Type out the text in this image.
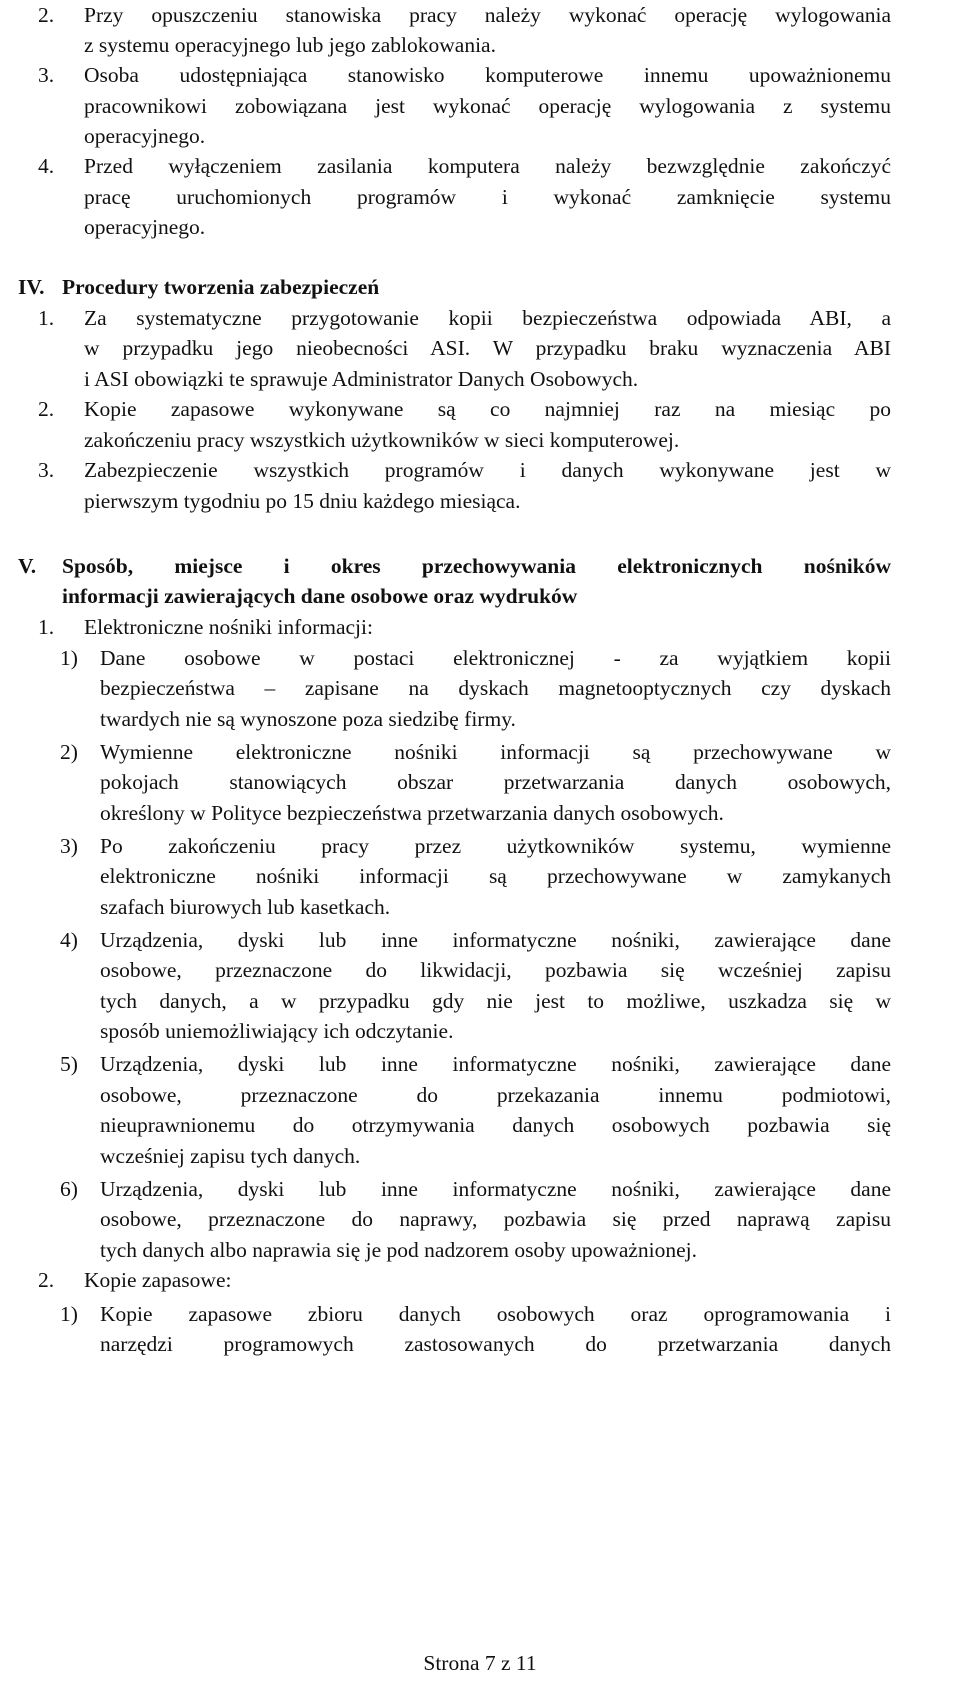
2. Przy opuszczeniu stanowiska pracy należy wykonać operację wylogowania
z systemu operacyjnego lub jego zablokowania.
3. Osoba udostępniająca stanowisko komputerowe innemu upoważnionemu
pracownikowi zobowiązana jest wykonać operację wylogowania z systemu
operacyjnego.
4. Przed wyłączeniem zasilania komputera należy bezwzględnie zakończyć
pracę uruchomionych programów i wykonać zamknięcie systemu
operacyjnego.
IV. Procedury tworzenia zabezpieczeń
1. Za systematyczne przygotowanie kopii bezpieczeństwa odpowiada ABI, a
w przypadku jego nieobecności ASI. W przypadku braku wyznaczenia ABI
i ASI obowiązki te sprawuje Administrator Danych Osobowych.
2. Kopie zapasowe wykonywane są co najmniej raz na miesiąc po
zakończeniu pracy wszystkich użytkowników w sieci komputerowej.
3. Zabezpieczenie wszystkich programów i danych wykonywane jest w
pierwszym tygodniu po 15 dniu każdego miesiąca.
V. Sposób, miejsce i okres przechowywania elektronicznych nośników
informacji zawierających dane osobowe oraz wydruków
1. Elektroniczne nośniki informacji:
1) Dane osobowe w postaci elektronicznej - za wyjątkiem kopii
bezpieczeństwa – zapisane na dyskach magnetooptycznych czy dyskach
twardych nie są wynoszone poza siedzibę firmy.
2) Wymienne elektroniczne nośniki informacji są przechowywane w
pokojach stanowiących obszar przetwarzania danych osobowych,
określony w Polityce bezpieczeństwa przetwarzania danych osobowych.
3) Po zakończeniu pracy przez użytkowników systemu, wymienne
elektroniczne nośniki informacji są przechowywane w zamykanych
szafach biurowych lub kasetkach.
4) Urządzenia, dyski lub inne informatyczne nośniki, zawierające dane
osobowe, przeznaczone do likwidacji, pozbawia się wcześniej zapisu
tych danych, a w przypadku gdy nie jest to możliwe, uszkadza się w
sposób uniemożliwiający ich odczytanie.
5) Urządzenia, dyski lub inne informatyczne nośniki, zawierające dane
osobowe, przeznaczone do przekazania innemu podmiotowi,
nieuprawnionemu do otrzymywania danych osobowych pozbawia się
wcześniej zapisu tych danych.
6) Urządzenia, dyski lub inne informatyczne nośniki, zawierające dane
osobowe, przeznaczone do naprawy, pozbawia się przed naprawą zapisu
tych danych albo naprawia się je pod nadzorem osoby upoważnionej.
2. Kopie zapasowe:
1) Kopie zapasowe zbioru danych osobowych oraz oprogramowania i
narzędzi programowych zastosowanych do przetwarzania danych
Strona 7 z 11
